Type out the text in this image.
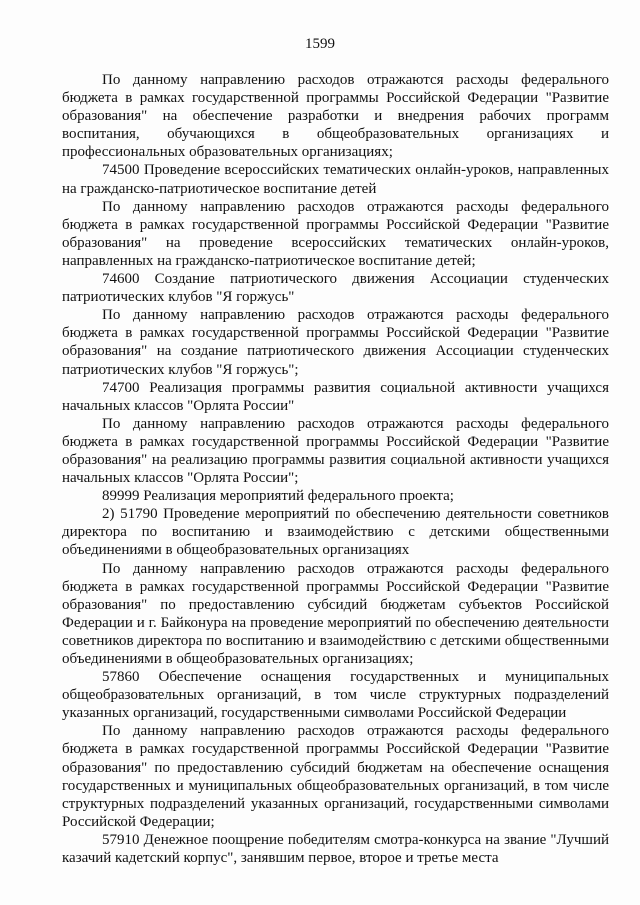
1599

По данному направлению расходов отражаются расходы федерального бюджета в рамках государственной программы Российской Федерации "Развитие образования" на обеспечение разработки и внедрения рабочих программ воспитания, обучающихся в общеобразовательных организациях и профессиональных образовательных организациях;

74500 Проведение всероссийских тематических онлайн-уроков, направленных на гражданско-патриотическое воспитание детей

По данному направлению расходов отражаются расходы федерального бюджета в рамках государственной программы Российской Федерации "Развитие образования" на проведение всероссийских тематических онлайн-уроков, направленных на гражданско-патриотическое воспитание детей;

74600 Создание патриотического движения Ассоциации студенческих патриотических клубов "Я горжусь"

По данному направлению расходов отражаются расходы федерального бюджета в рамках государственной программы Российской Федерации "Развитие образования" на создание патриотического движения Ассоциации студенческих патриотических клубов "Я горжусь";

74700 Реализация программы развития социальной активности учащихся начальных классов "Орлята России"

По данному направлению расходов отражаются расходы федерального бюджета в рамках государственной программы Российской Федерации "Развитие образования" на реализацию программы развития социальной активности учащихся начальных классов "Орлята России";

89999 Реализация мероприятий федерального проекта;

2) 51790 Проведение мероприятий по обеспечению деятельности советников директора по воспитанию и взаимодействию с детскими общественными объединениями в общеобразовательных организациях

По данному направлению расходов отражаются расходы федерального бюджета в рамках государственной программы Российской Федерации "Развитие образования" по предоставлению субсидий бюджетам субъектов Российской Федерации и г. Байконура на проведение мероприятий по обеспечению деятельности советников директора по воспитанию и взаимодействию с детскими общественными объединениями в общеобразовательных организациях;

57860 Обеспечение оснащения государственных и муниципальных общеобразовательных организаций, в том числе структурных подразделений указанных организаций, государственными символами Российской Федерации

По данному направлению расходов отражаются расходы федерального бюджета в рамках государственной программы Российской Федерации "Развитие образования" по предоставлению субсидий бюджетам на обеспечение оснащения государственных и муниципальных общеобразовательных организаций, в том числе структурных подразделений указанных организаций, государственными символами Российской Федерации;

57910 Денежное поощрение победителям смотра-конкурса на звание "Лучший казачий кадетский корпус", занявшим первое, второе и третье места
